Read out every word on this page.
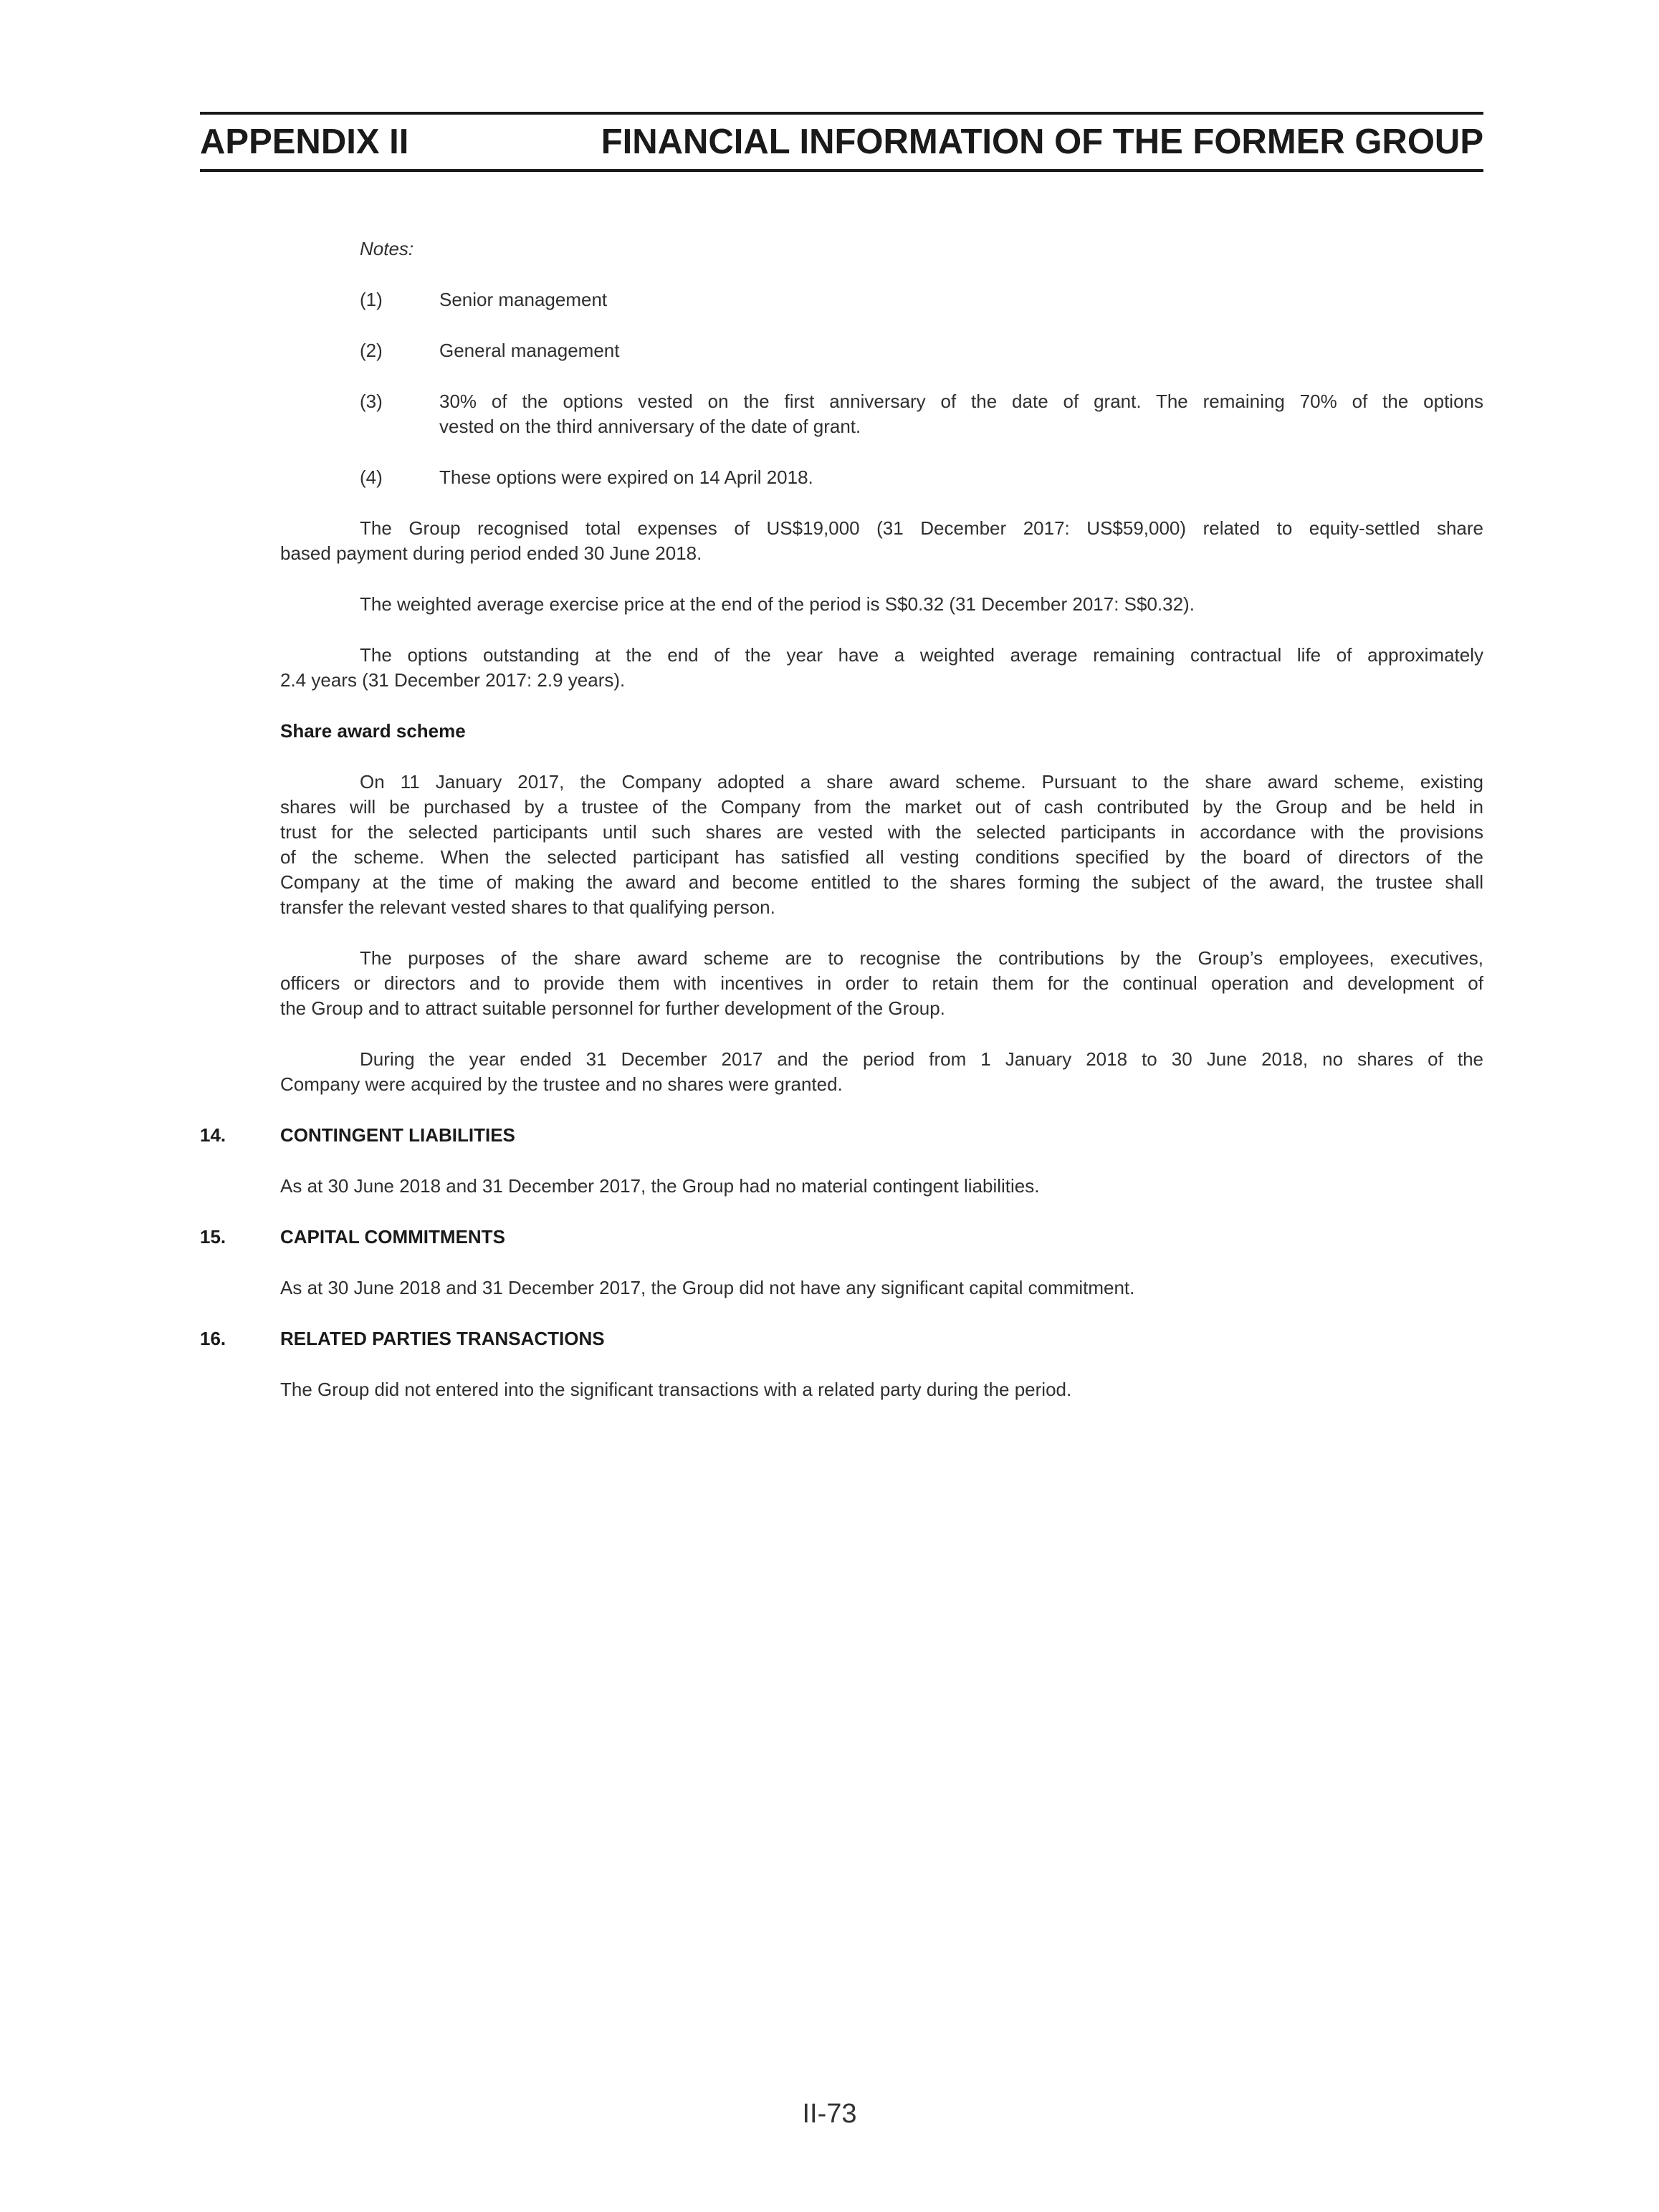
APPENDIX II	FINANCIAL INFORMATION OF THE FORMER GROUP
Notes:
(1)	Senior management
(2)	General management
(3)	30% of the options vested on the first anniversary of the date of grant. The remaining 70% of the options
vested on the third anniversary of the date of grant.
(4)	These options were expired on 14 April 2018.
The Group recognised total expenses of US$19,000 (31 December 2017: US$59,000) related to equity-settled share
based payment during period ended 30 June 2018.
The weighted average exercise price at the end of the period is S$0.32 (31 December 2017: S$0.32).
The options outstanding at the end of the year have a weighted average remaining contractual life of approximately
2.4 years (31 December 2017: 2.9 years).
Share award scheme
On 11 January 2017, the Company adopted a share award scheme. Pursuant to the share award scheme, existing
shares will be purchased by a trustee of the Company from the market out of cash contributed by the Group and be held in
trust for the selected participants until such shares are vested with the selected participants in accordance with the provisions
of the scheme. When the selected participant has satisfied all vesting conditions specified by the board of directors of the
Company at the time of making the award and become entitled to the shares forming the subject of the award, the trustee shall
transfer the relevant vested shares to that qualifying person.
The purposes of the share award scheme are to recognise the contributions by the Group’s employees, executives,
officers or directors and to provide them with incentives in order to retain them for the continual operation and development of
the Group and to attract suitable personnel for further development of the Group.
During the year ended 31 December 2017 and the period from 1 January 2018 to 30 June 2018, no shares of the
Company were acquired by the trustee and no shares were granted.
14.	CONTINGENT LIABILITIES
As at 30 June 2018 and 31 December 2017, the Group had no material contingent liabilities.
15.	CAPITAL COMMITMENTS
As at 30 June 2018 and 31 December 2017, the Group did not have any significant capital commitment.
16.	RELATED PARTIES TRANSACTIONS
The Group did not entered into the significant transactions with a related party during the period.
II-73
